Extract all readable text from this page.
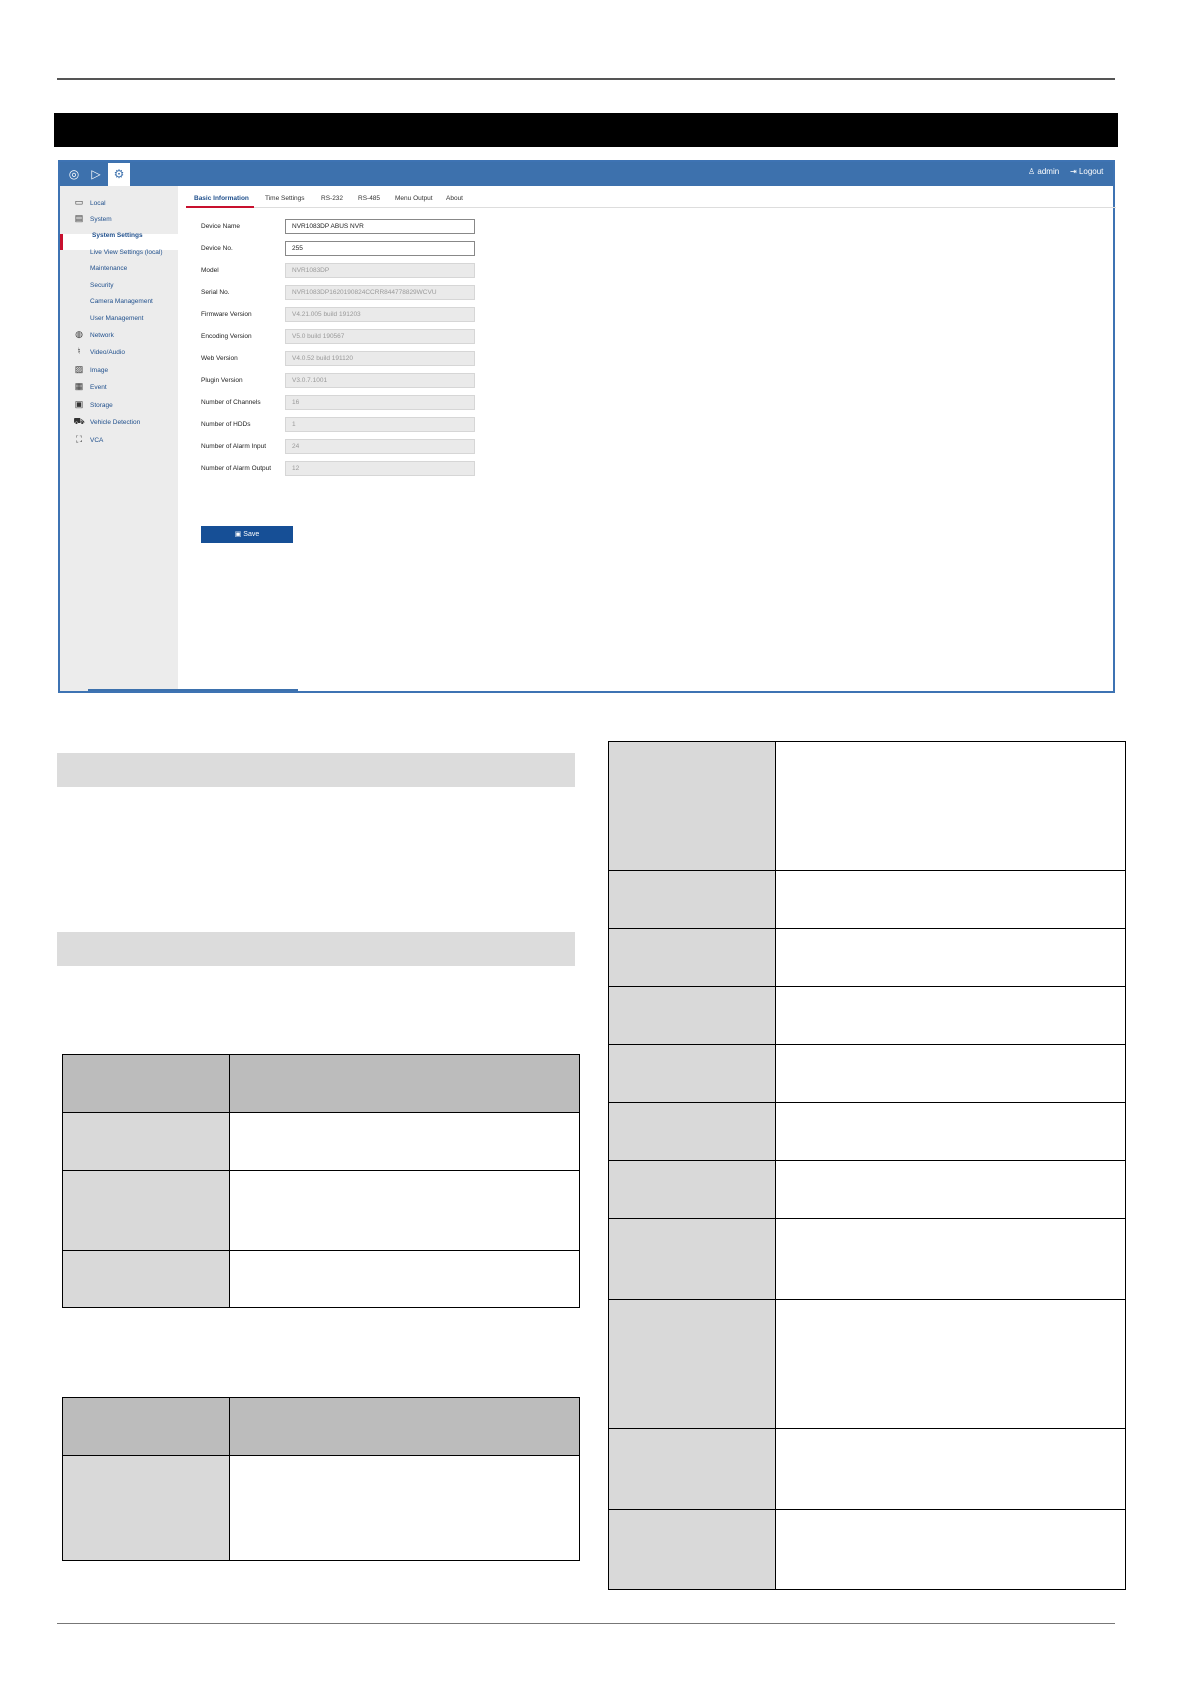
◎ ▷	⚙	♙ admin ⇥ Logout
▭ Local
▤ System
System Settings
Live View Settings (local)
Maintenance
Security
Camera Management
User Management
◍	Network
♮	Video/Audio
▨ Image
▦ Event
▣ Storage
⛟ Vehicle Detection
⛶	VCA
Basic Information Time Settings	RS-232 RS-485 Menu Output About
Device Name	NVR1083DP ABUS NVR
Device No.	255
Model	NVR1083DP
Serial No.	NVR1083DP1620190824CCRR844778829WCVU
Firmware Version	V4.21.005 build 191203
Encoding Version	V5.0 build 190567
Web Version	V4.0.52 build 191120
Plugin Version	V3.0.7.1001
Number of Channels	16
Number of HDDs	1
Number of Alarm Input	24
Number of Alarm Output	12
▣ Save
